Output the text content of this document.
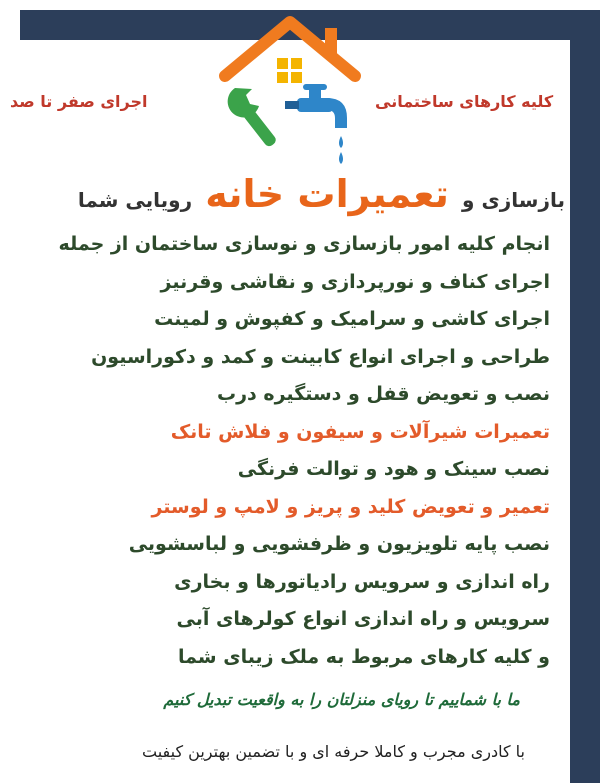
کلیه کارهای ساختمانی
اجرای صفر تا صد
بازسازی و تعمیرات خانه رویایی شما
انجام کلیه امور بازسازی و نوسازی ساختمان از جمله
اجرای کناف و نورپردازی و نقاشی وقرنیز
اجرای کاشی و سرامیک و کفپوش و لمینت
طراحی و اجرای انواع کابینت و کمد و دکوراسیون
نصب و تعویض قفل و دستگیره درب
تعمیرات شیرآلات و سیفون و فلاش تانک
نصب سینک و هود و توالت فرنگی
تعمیر و تعویض کلید و پریز و لامپ و لوستر
نصب پایه تلویزیون و ظرفشویی و لباسشویی
راه اندازی و سرویس رادیاتورها و بخاری
سرویس و راه اندازی انواع کولرهای آبی
و کلیه کارهای مربوط به ملک زیبای شما
ما با شماییم تا رویای منزلتان را به واقعیت تبدیل کنیم
با کادری مجرب و کاملا حرفه ای و با تضمین بهترین کیفیت
